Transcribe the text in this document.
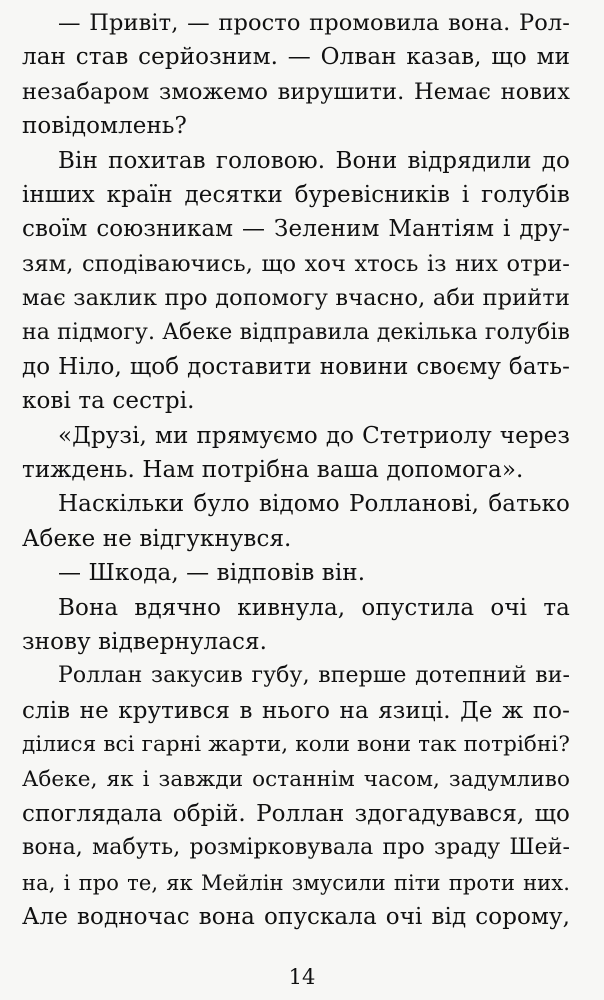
— Привіт, — просто промовила вона. Рол-
лан став серйозним. — Олван казав, що ми
незабаром зможемо вирушити. Немає нових
повідомлень?
Він похитав головою. Вони відрядили до
інших країн десятки буревісників і голубів
своїм союзникам — Зеленим Мантіям і дру-
зям, сподіваючись, що хоч хтось із них отри-
має заклик про допомогу вчасно, аби прийти
на підмогу. Абеке відправила декілька голубів
до Ніло, щоб доставити новини своєму бать-
кові та сестрі.
«Друзі, ми прямуємо до Стетриолу через
тиждень. Нам потрібна ваша допомога».
Наскільки було відомо Ролланові, батько
Абеке не відгукнувся.
— Шкода, — відповів він.
Вона вдячно кивнула, опустила очі та
знову відвернулася.
Роллан закусив губу, вперше дотепний ви-
слів не крутився в нього на язиці. Де ж по-
ділися всі гарні жарти, коли вони так потрібні?
Абеке, як і завжди останнім часом, задумливо
споглядала обрій. Роллан здогадувався, що
вона, мабуть, розмірковувала про зраду Шей-
на, і про те, як Мейлін змусили піти проти них.
Але водночас вона опускала очі від сорому,
14
